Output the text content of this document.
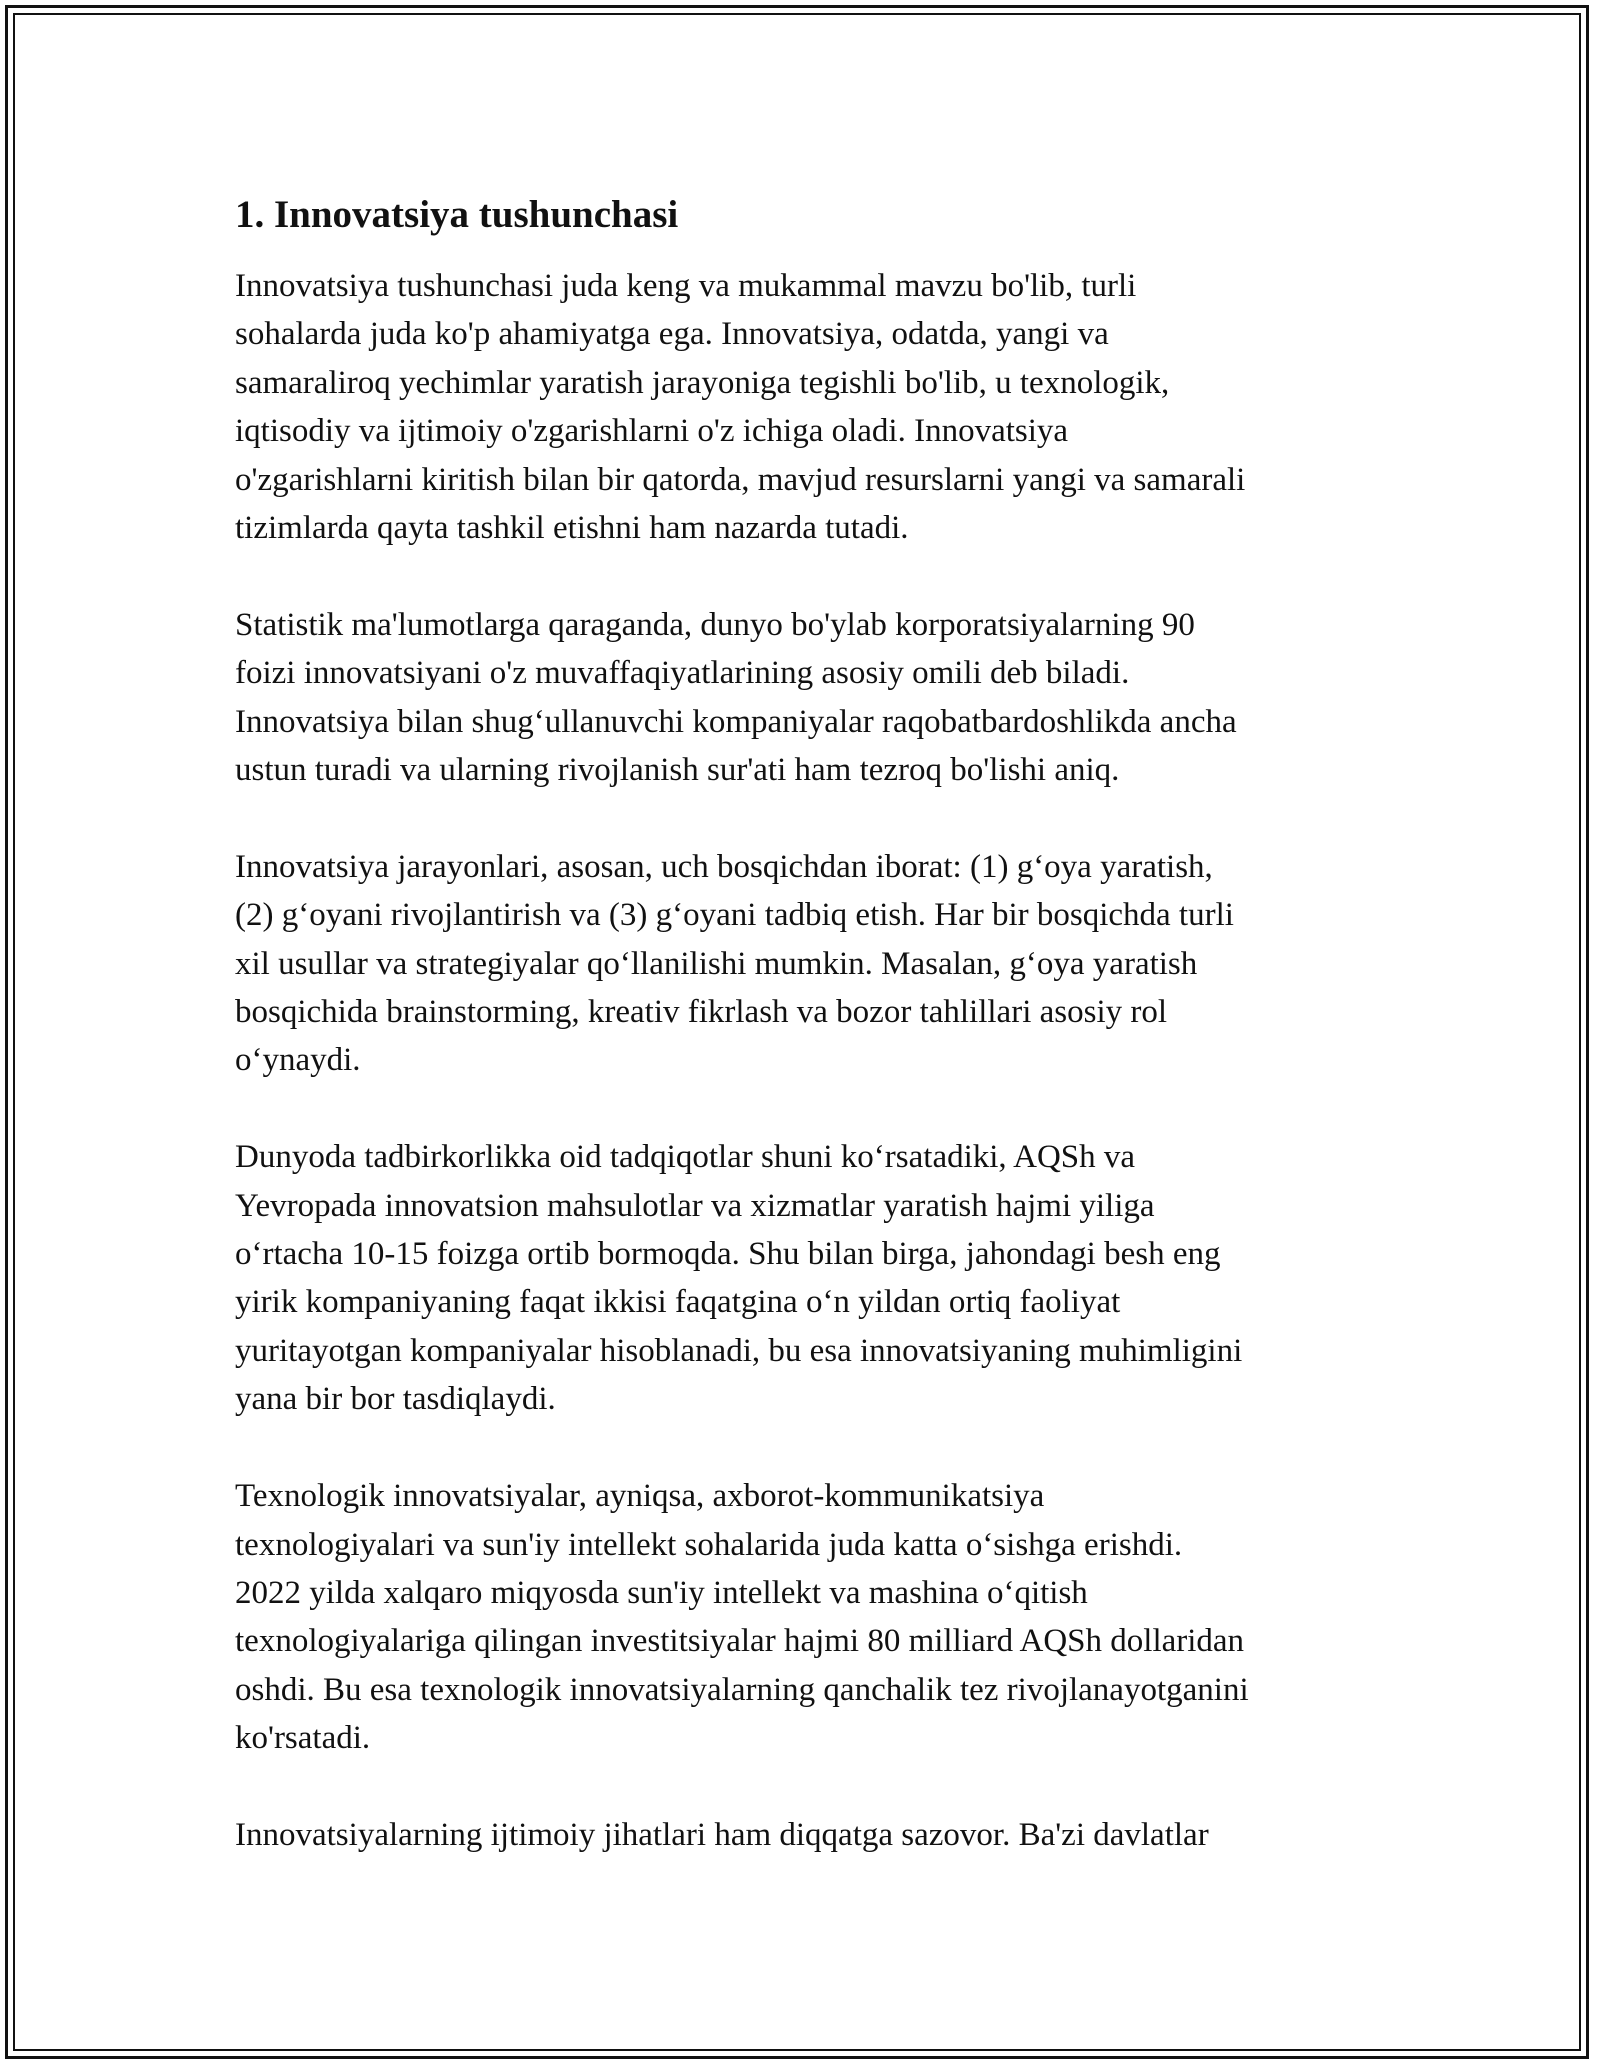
1. Innovatsiya tushunchasi

Innovatsiya tushunchasi juda keng va mukammal mavzu bo'lib, turli
sohalarda juda ko'p ahamiyatga ega. Innovatsiya, odatda, yangi va
samaraliroq yechimlar yaratish jarayoniga tegishli bo'lib, u texnologik,
iqtisodiy va ijtimoiy o'zgarishlarni o'z ichiga oladi. Innovatsiya
o'zgarishlarni kiritish bilan bir qatorda, mavjud resurslarni yangi va samarali
tizimlarda qayta tashkil etishni ham nazarda tutadi.

Statistik ma'lumotlarga qaraganda, dunyo bo'ylab korporatsiyalarning 90
foizi innovatsiyani o'z muvaffaqiyatlarining asosiy omili deb biladi.
Innovatsiya bilan shug‘ullanuvchi kompaniyalar raqobatbardoshlikda ancha
ustun turadi va ularning rivojlanish sur'ati ham tezroq bo'lishi aniq.

Innovatsiya jarayonlari, asosan, uch bosqichdan iborat: (1) g‘oya yaratish,
(2) g‘oyani rivojlantirish va (3) g‘oyani tadbiq etish. Har bir bosqichda turli
xil usullar va strategiyalar qo‘llanilishi mumkin. Masalan, g‘oya yaratish
bosqichida brainstorming, kreativ fikrlash va bozor tahlillari asosiy rol
o‘ynaydi.

Dunyoda tadbirkorlikka oid tadqiqotlar shuni ko‘rsatadiki, AQSh va
Yevropada innovatsion mahsulotlar va xizmatlar yaratish hajmi yiliga
o‘rtacha 10-15 foizga ortib bormoqda. Shu bilan birga, jahondagi besh eng
yirik kompaniyaning faqat ikkisi faqatgina o‘n yildan ortiq faoliyat
yuritayotgan kompaniyalar hisoblanadi, bu esa innovatsiyaning muhimligini
yana bir bor tasdiqlaydi.

Texnologik innovatsiyalar, ayniqsa, axborot-kommunikatsiya
texnologiyalari va sun'iy intellekt sohalarida juda katta o‘sishga erishdi.
2022 yilda xalqaro miqyosda sun'iy intellekt va mashina o‘qitish
texnologiyalariga qilingan investitsiyalar hajmi 80 milliard AQSh dollaridan
oshdi. Bu esa texnologik innovatsiyalarning qanchalik tez rivojlanayotganini
ko'rsatadi.

Innovatsiyalarning ijtimoiy jihatlari ham diqqatga sazovor. Ba'zi davlatlar
